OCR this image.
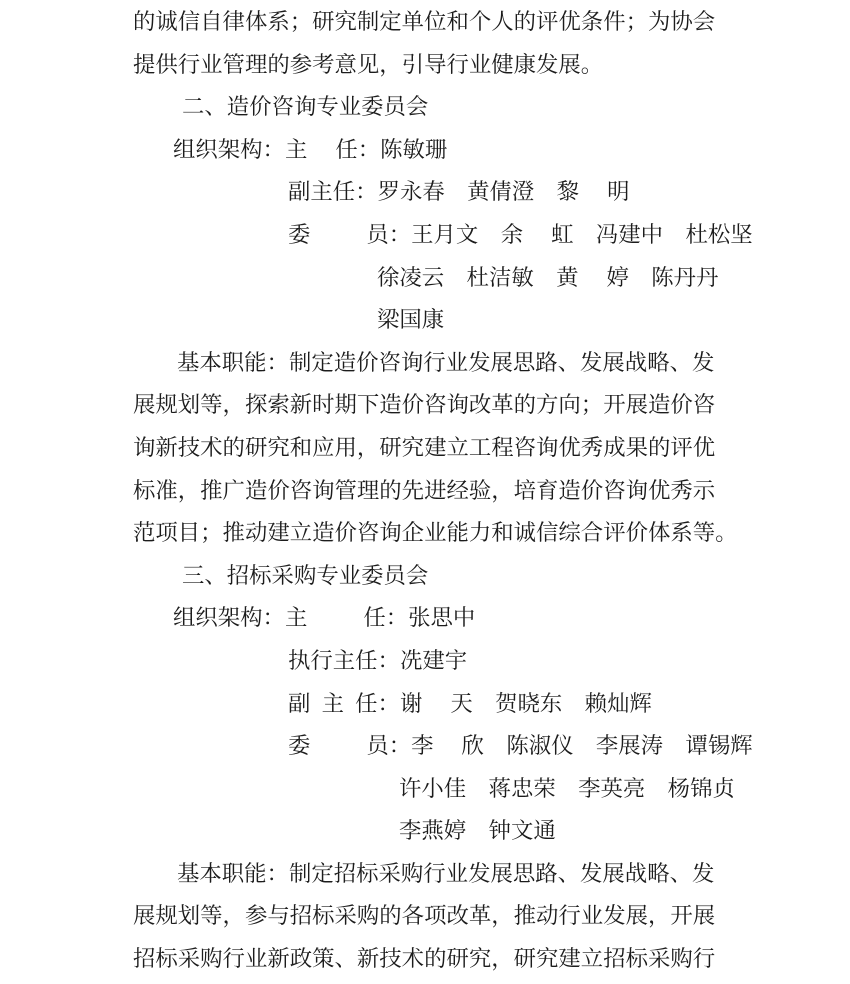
的诚信自律体系；研究制定单位和个人的评优条件；为协会
提供行业管理的参考意见，引导行业健康发展。
二、造价咨询专业委员会
组织架构：主　 任：陈敏珊
副主任：罗永春　黄倩澄　黎　 明
委　　  员：王月文　余　 虹　冯建中　杜松坚
徐凌云　杜洁敏　黄　 婷　陈丹丹
梁国康
基本职能：制定造价咨询行业发展思路、发展战略、发
展规划等，探索新时期下造价咨询改革的方向；开展造价咨
询新技术的研究和应用，研究建立工程咨询优秀成果的评优
标准，推广造价咨询管理的先进经验，培育造价咨询优秀示
范项目；推动建立造价咨询企业能力和诚信综合评价体系等。
三、招标采购专业委员会
组织架构：主　　  任：张思中
执行主任：冼建宇
副  主  任：谢　 天　贺晓东　赖灿辉
委　　  员：李　 欣　陈淑仪　李展涛　谭锡辉
许小佳　蒋忠荣　李英亮　杨锦贞
李燕婷　钟文通
基本职能：制定招标采购行业发展思路、发展战略、发
展规划等，参与招标采购的各项改革，推动行业发展，开展
招标采购行业新政策、新技术的研究，研究建立招标采购行
